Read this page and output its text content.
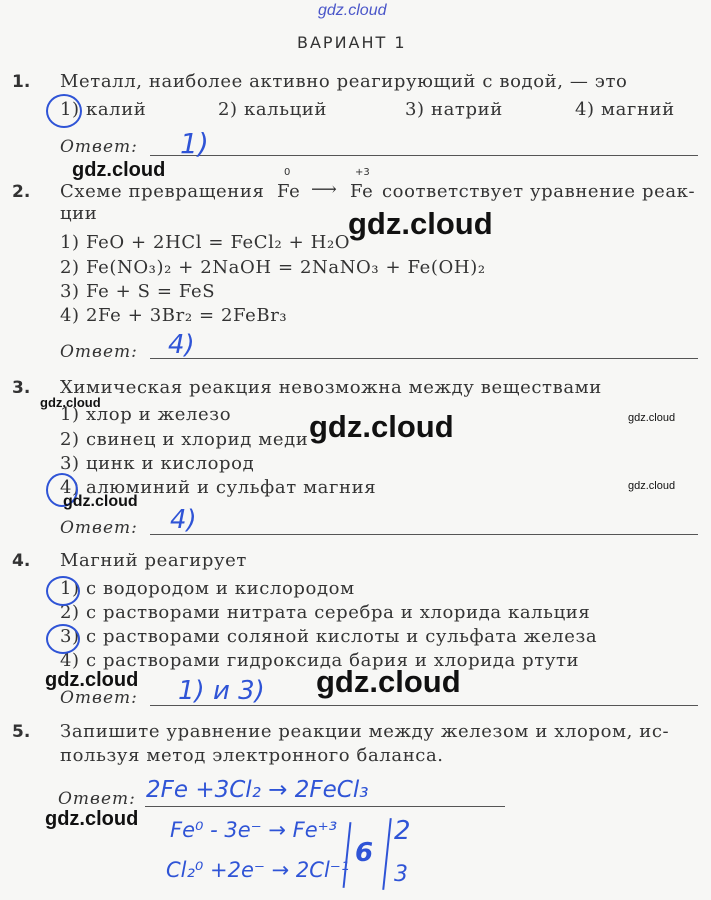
gdz.cloud
ВАРИАНТ 1
1. Металл, наиболее активно реагирующий с водой, — это
1) калий	2) кальций	3) натрий	4) магний
Ответ: 1)
gdz.cloud
2. Схеме превращения
0
Fe ⟶
+3
Fe соответствует уравнение реак-
ции
1) FeO + 2HCl = FeCl₂ + H₂O
2) Fe(NO₃)₂ + 2NaOH = 2NaNO₃ + Fe(OH)₂
3) Fe + S = FeS
4) 2Fe + 3Br₂ = 2FeBr₃
gdz.cloud
Ответ: 4)
3. Химическая реакция невозможна между веществами
gdz.cloud
1) хлор и железо
2) свинец и хлорид меди
3) цинк и кислород
4) алюминий и сульфат магния
gdz.cloud	gdz.cloud
gdz.cloud
gdz.cloud
Ответ: 4)
4. Магний реагирует
1) с водородом и кислородом
2) с растворами нитрата серебра и хлорида кальция
3) с растворами соляной кислоты и сульфата железа
4) с растворами гидроксида бария и хлорида ртути
Ответ: 1) и 3)
gdz.cloud	gdz.cloud
5. Запишите уравнение реакции между железом и хлором, ис-
пользуя метод электронного баланса.
Ответ: 2Fe +3Cl₂ → 2FeCl₃
gdz.cloud Fe⁰ - 3e⁻ → Fe⁺³
Cl₂⁰ +2e⁻ → 2Cl⁻¹
6
2
3
